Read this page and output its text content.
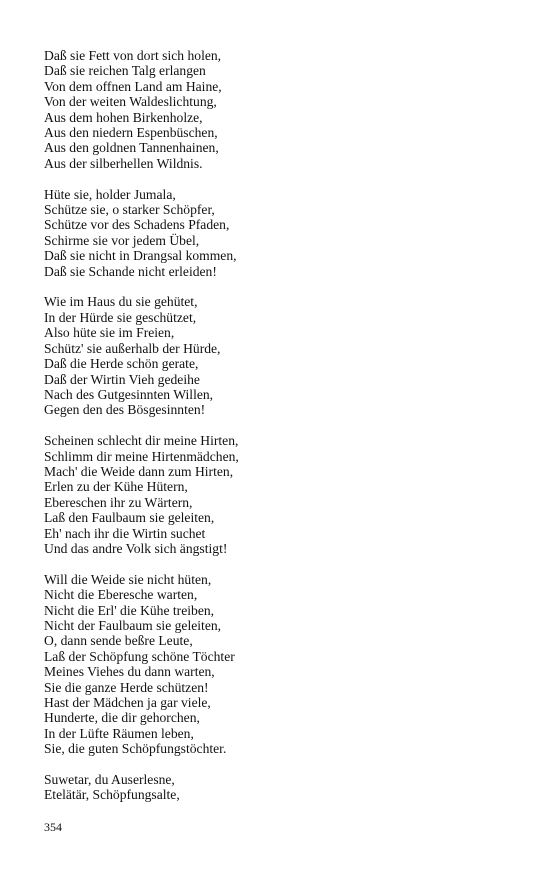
Daß sie Fett von dort sich holen,
Daß sie reichen Talg erlangen
Von dem offnen Land am Haine,
Von der weiten Waldeslichtung,
Aus dem hohen Birkenholze,
Aus den niedern Espenbüschen,
Aus den goldnen Tannenhainen,
Aus der silberhellen Wildnis.
Hüte sie, holder Jumala,
Schütze sie, o starker Schöpfer,
Schütze vor des Schadens Pfaden,
Schirme sie vor jedem Übel,
Daß sie nicht in Drangsal kommen,
Daß sie Schande nicht erleiden!
Wie im Haus du sie gehütet,
In der Hürde sie geschützet,
Also hüte sie im Freien,
Schütz' sie außerhalb der Hürde,
Daß die Herde schön gerate,
Daß der Wirtin Vieh gedeihe
Nach des Gutgesinnten Willen,
Gegen den des Bösgesinnten!
Scheinen schlecht dir meine Hirten,
Schlimm dir meine Hirtenmädchen,
Mach' die Weide dann zum Hirten,
Erlen zu der Kühe Hütern,
Ebereschen ihr zu Wärtern,
Laß den Faulbaum sie geleiten,
Eh' nach ihr die Wirtin suchet
Und das andre Volk sich ängstigt!
Will die Weide sie nicht hüten,
Nicht die Eberesche warten,
Nicht die Erl' die Kühe treiben,
Nicht der Faulbaum sie geleiten,
O, dann sende beßre Leute,
Laß der Schöpfung schöne Töchter
Meines Viehes du dann warten,
Sie die ganze Herde schützen!
Hast der Mädchen ja gar viele,
Hunderte, die dir gehorchen,
In der Lüfte Räumen leben,
Sie, die guten Schöpfungstöchter.
Suwetar, du Auserlesne,
Etelätär, Schöpfungsalte,
354
